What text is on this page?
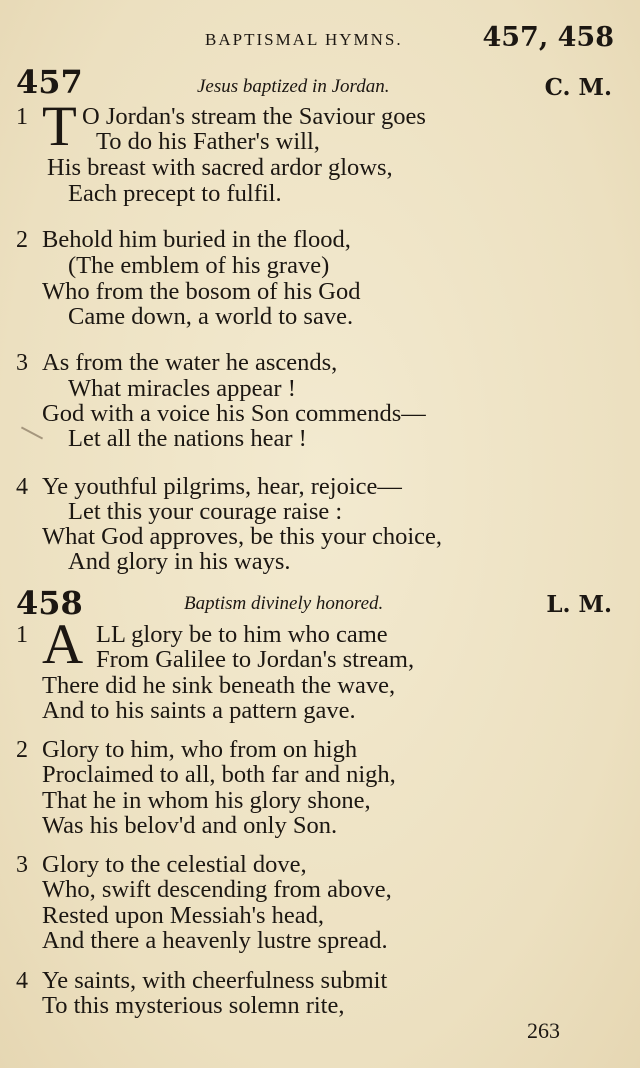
BAPTISMAL HYMNS.	457, 458
457	Jesus baptized in Jordan.	C. M.
1 T O Jordan's stream the Saviour goes
To do his Father's will,
His breast with sacred ardor glows,
Each precept to fulfil.
2 Behold him buried in the flood,
(The emblem of his grave)
Who from the bosom of his God
Came down, a world to save.
3 As from the water he ascends,
What miracles appear !
God with a voice his Son commends—
Let all the nations hear !
4 Ye youthful pilgrims, hear, rejoice—
Let this your courage raise :
What God approves, be this your choice,
And glory in his ways.
458	Baptism divinely honored.	L. M.
1 A LL glory be to him who came
From Galilee to Jordan's stream,
There did he sink beneath the wave,
And to his saints a pattern gave.
2 Glory to him, who from on high
Proclaimed to all, both far and nigh,
That he in whom his glory shone,
Was his belov'd and only Son.
3 Glory to the celestial dove,
Who, swift descending from above,
Rested upon Messiah's head,
And there a heavenly lustre spread.
4 Ye saints, with cheerfulness submit
To this mysterious solemn rite,
263
